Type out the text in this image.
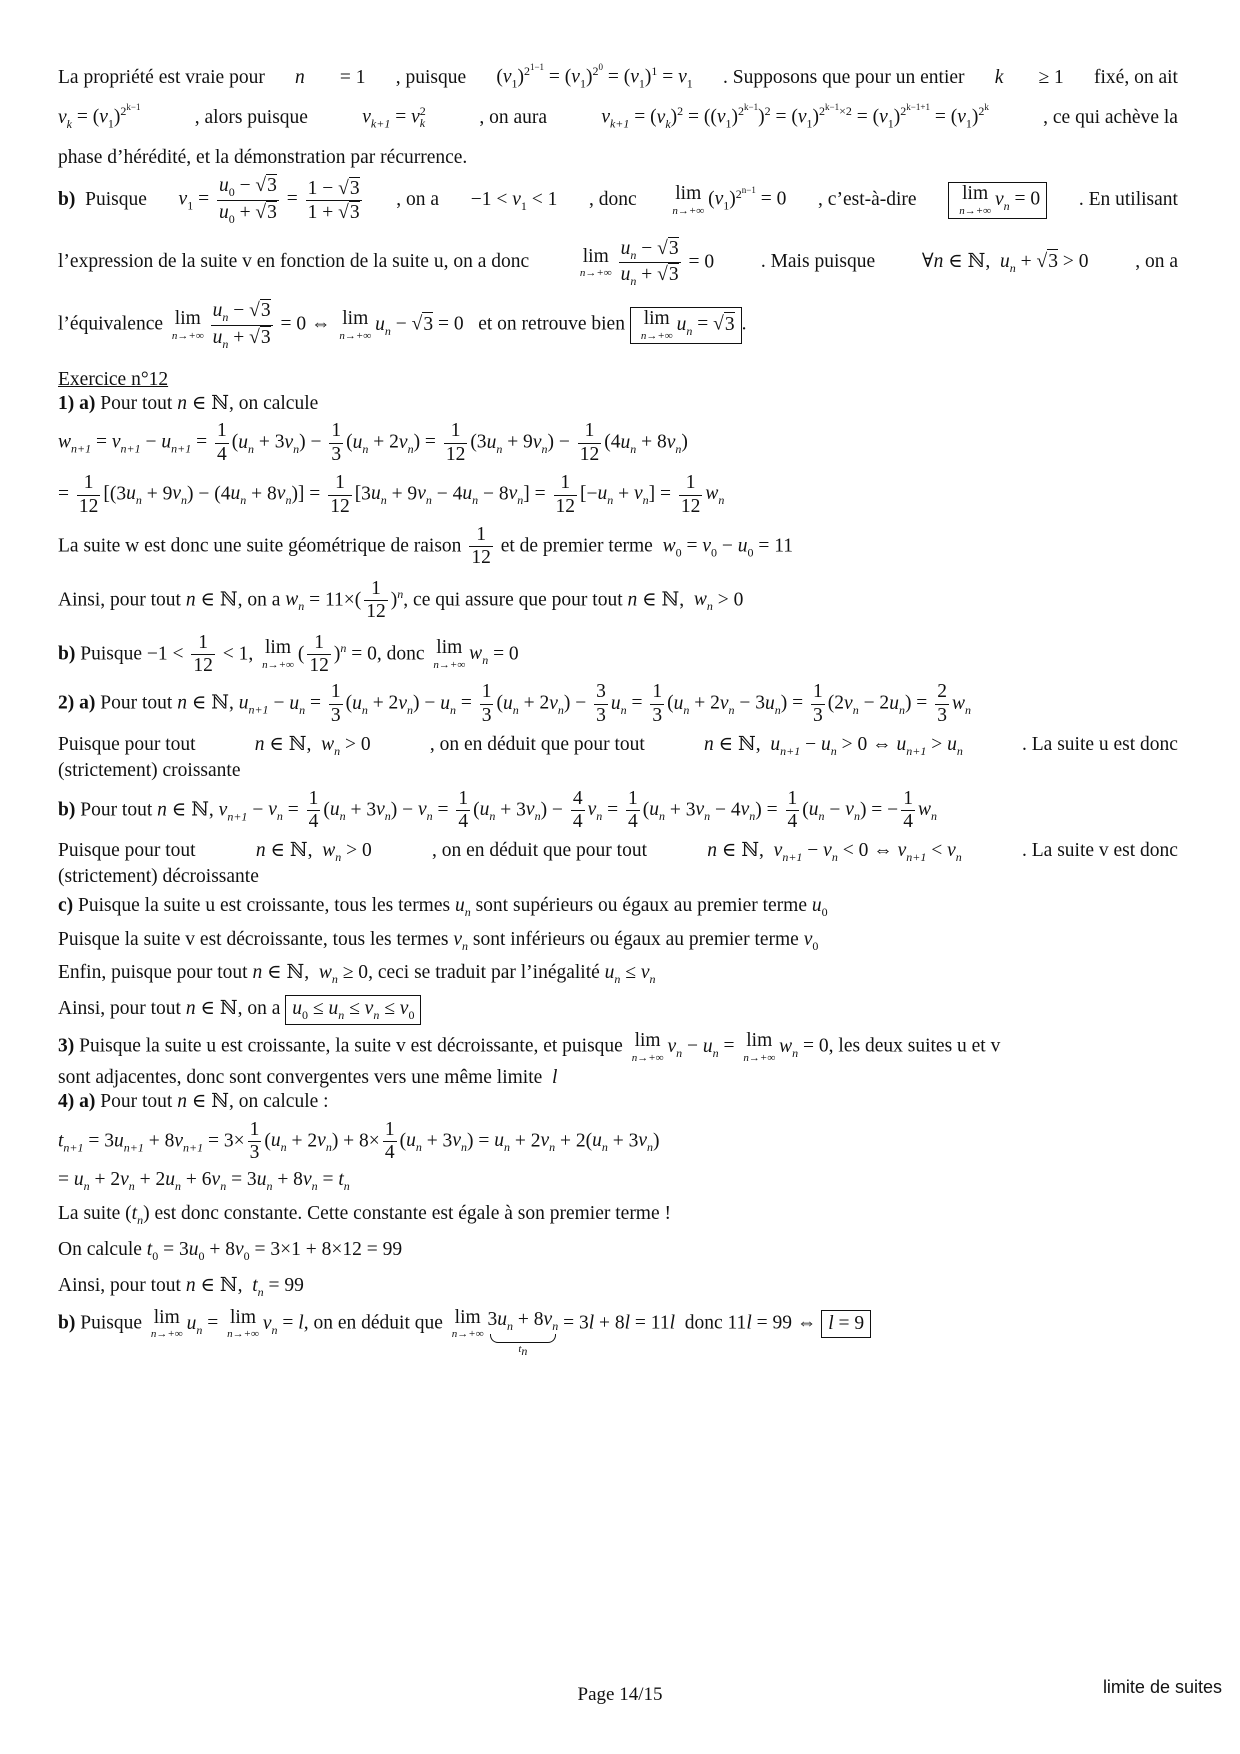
La propriété est vraie pour n = 1 , puisque $(v_1)^{2^{1-1}} = (v_1)^{2^0} = (v_1)^1 = v_1$ . Supposons que pour un entier k ≥ 1 fixé, on ait

$v_k = (v_1)^{2^{k-1}}$	, alors puisque	$v_{k+1} = v^2_k$	, on aura	$v_{k+1} = (v_k)^2 = ((v_1)^{2^{k-1}})^2 = (v_1)^{2^{k-1}\times 2} = (v_1)^{2^{k-1+1}} = (v_1)^{2^k}$	, ce qui achève la

phase d’hérédité, et la démonstration par récurrence.

b) Puisque $v_1 = \frac{u_0 - √3}{u_0 + √3} = \frac{1 - √3}{1 + √3}$ , on $a -1 < v_1 < 1$ , donc lim
n→+∞
$(v_1)^{2^{n-1}} = 0$ , c’est-à-dire lim
n→+∞
$v_n = 0$	. En utilisant

l’expression de la suite v en fonction de la suite u, on a donc	lim
$n\to+\infty \frac{u_n - √3}{u_n + √3} = 0$ . Mais puisque ∀n ∈ ℕ,  $u_n + √3 > 0$ , on a

l’équivalence lim
$n\to+\infty \frac{u_n - √3}{u_n + √3} = 0$ ⇔ lim
n→+∞
$u_n - √3 = 0$   et on retrouve bien lim
n→+∞
$u_n = √3$ .

Exercice n°12

1) a) Pour tout n ∈ ℕ, on calcule

$w_{n+1} = v_{n+1} - u_{n+1} = \frac{1}{4} (u_n + 3v_n) - \frac{1}{3} (u_n + 2v_n) = \frac{1}{12} (3u_n + 9v_n) - \frac{1}{12} (4u_n + 8v_n)$

= $\frac{1}{12} [(3u_n + 9v_n) - (4u_n + 8v_n)] = \frac{1}{12} [3u_n + 9v_n - 4u_n - 8v_n] = \frac{1}{12} [-u_n + v_n] = \frac{1}{12} w_n$

La suite w est donc une suite géométrique de raison $\frac{1}{12}$ et de premier terme $w_0 = v_0 - u_0 = 11$

Ainsi, pour tout n ∈ ℕ, on a $w_n = 11\times( \frac{1}{12} )^n$, ce qui assure que pour tout n ∈ ℕ,  $w_n > 0$

b) Puisque $-1 < \frac{1}{12} < 1$, lim
n→+∞
( $\frac{1}{12} )^n = 0$, donc lim
n→+∞
$w_n = 0$

2) a) Pour tout n ∈ ℕ, $u_{n+1} - u_n = \frac{1}{3} (u_n + 2v_n) - u_n = \frac{1}{3} (u_n + 2v_n) - \frac{3}{3} u_n = \frac{1}{3} (u_n + 2v_n - 3u_n) = \frac{1}{3} (2v_n - 2u_n) = \frac{2}{3} w_n$

Puisque pour tout	n ∈ ℕ,  $w_n > 0$	, on en déduit que pour tout	n ∈ ℕ,  $u_{n+1} - u_n > 0$ ⇔ $u_{n+1} > u_n$	. La suite u est donc

(strictement) croissante

b) Pour tout n ∈ ℕ, $v_{n+1} - v_n = \frac{1}{4} (u_n + 3v_n) - v_n = \frac{1}{4} (u_n + 3v_n) - \frac{4}{4} v_n = \frac{1}{4} (u_n + 3v_n - 4v_n) = \frac{1}{4} (u_n - v_n)$ = − $\frac{1}{4} w_n$

Puisque pour tout	n ∈ ℕ,  $w_n > 0$	, on en déduit que pour tout	n ∈ ℕ,  $v_{n+1} - v_n < 0$ ⇔ $v_{n+1} < v_n$	. La suite v est donc

(strictement) décroissante

c) Puisque la suite u est croissante, tous les termes $u_n$ sont supérieurs ou égaux au premier terme $u_0$

Puisque la suite v est décroissante, tous les termes $v_n$ sont inférieurs ou égaux au premier terme $v_0$

Enfin, puisque pour tout n ∈ ℕ,  $w_n \ge 0$, ceci se traduit par l’inégalité $u_n \le v_n$

Ainsi, pour tout n ∈ ℕ, on a $u_0 \le u_n \le v_n \le v_0$

3) Puisque la suite u est croissante, la suite v est décroissante, et puisque lim
n→+∞
$v_n - u_n = \lim$
n→+∞
$w_n = 0$, les deux suites u et v

sont adjacentes, donc sont convergentes vers une même limite l

4) a) Pour tout n ∈ ℕ, on calcule :

$t_{n+1} = 3u_{n+1} + 8v_{n+1} = 3\times \frac{1}{3} (u_n + 2v_n) + 8\times \frac{1}{4} (u_n + 3v_n) = u_n + 2v_n + 2(u_n + 3v_n)$

= $u_n + 2v_n + 2u_n + 6v_n = 3u_n + 8v_n = t_n$

La suite $(t_n)$ est donc constante. Cette constante est égale à son premier terme !

On calcule $t_0 = 3u_0 + 8v_0 = 3\times 1 + 8\times 12 = 99$

Ainsi, pour tout n ∈ ℕ,  $t_n = 99$

b) Puisque lim
n→+∞
$u_n = \lim$
n→+∞
$v_n = l$, on en déduit que lim
n→+∞
$3u_n + 8v_n$
$t_n$
= 3l + 8l = 11l donc 11l = 99 ⇔ l = 9

Page 14/15	limite de suites
